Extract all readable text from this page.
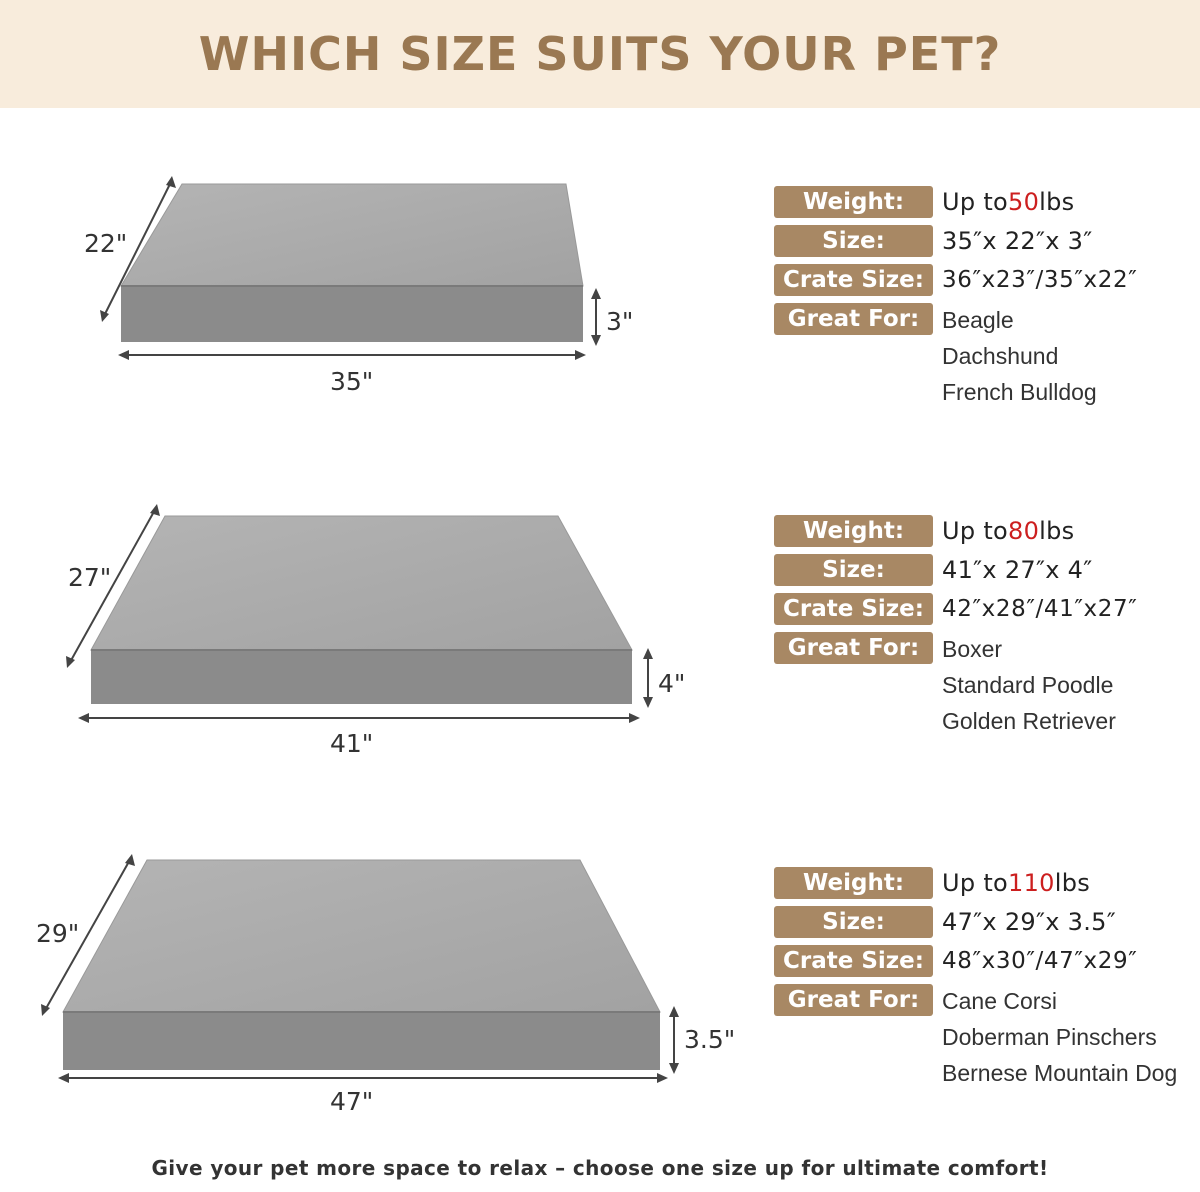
WHICH SIZE SUITS YOUR PET?
22"
35"
3"
27"
41"
4"
29"
47"
3.5"
Weight:	Up to 50 lbs
Size:	35″x 22″x 3″
Crate Size: 36″x23″/35″x22″
Great For: Beagle
Dachshund
French Bulldog
Weight:	Up to 80 lbs
Size:	41″x 27″x 4″
Crate Size: 42″x28″/41″x27″
Great For: Boxer
Standard Poodle
Golden Retriever
Weight:	Up to 110 lbs
Size:	47″x 29″x 3.5″
Crate Size: 48″x30″/47″x29″
Great For: Cane Corsi
Doberman Pinschers
Bernese Mountain Dog
Give your pet more space to relax – choose one size up for ultimate comfort!
